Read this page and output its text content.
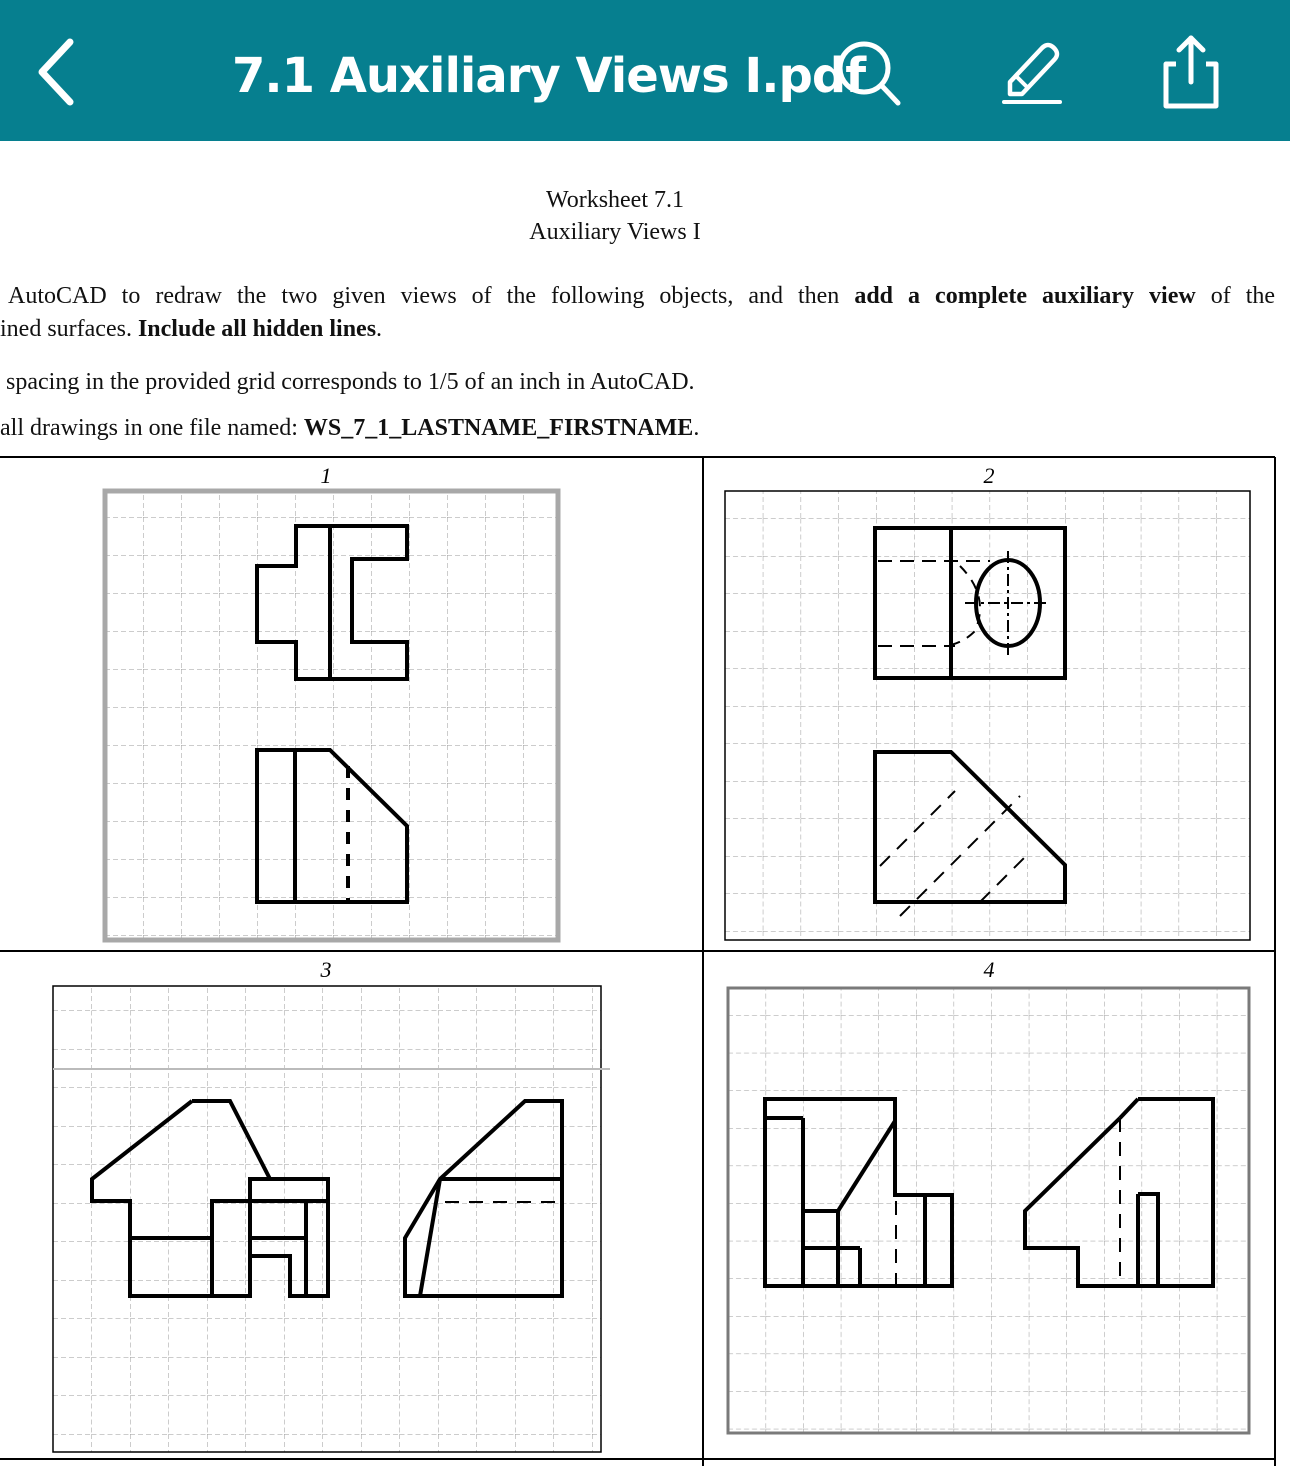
7.1 Auxiliary Views I.pdf
Worksheet 7.1
Auxiliary Views I
AutoCAD to redraw the two given views of the following objects, and then add a complete auxiliary view of the
ined surfaces. Include all hidden lines.
spacing in the provided grid corresponds to 1/5 of an inch in AutoCAD.
all drawings in one file named: WS_7_1_LASTNAME_FIRSTNAME.
1	2
3	4
